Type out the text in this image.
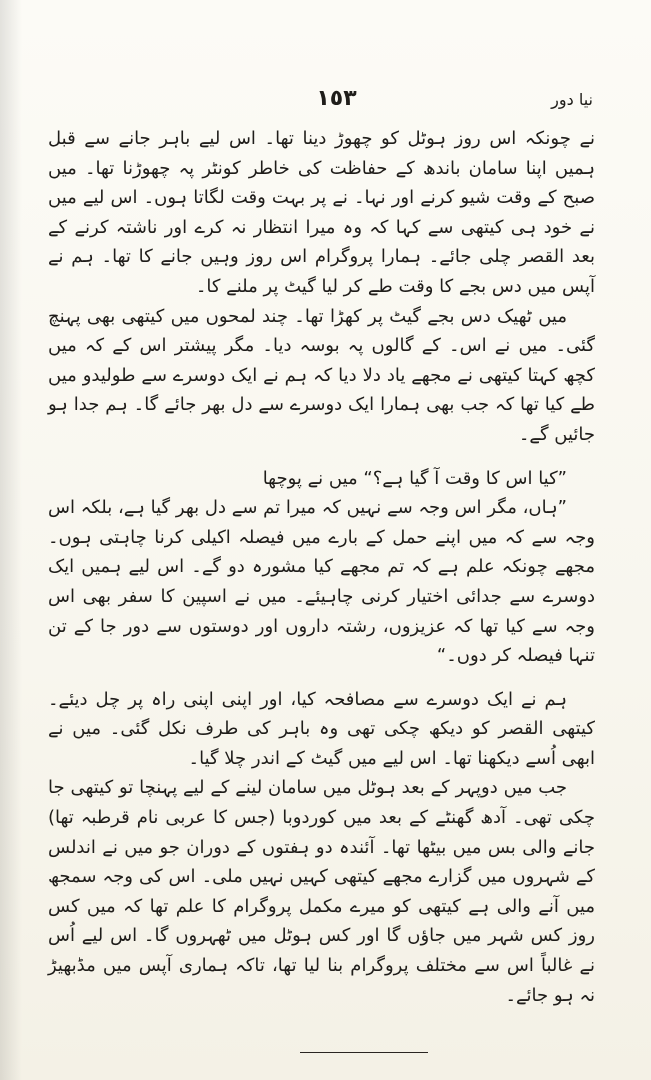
١٥٣	نیا دور

نے چونکہ اس روز ہوٹل کو چھوڑ دینا تھا۔ اس لیے باہر جانے سے قبل ہمیں اپنا سامان باندھ کے حفاظت کی خاطر کونٹر پہ چھوڑنا تھا۔ میں صبح کے وقت شیو کرنے اور نہا۔ نے پر بہت وقت لگاتا ہوں۔ اس لیے میں نے خود ہی کیتھی سے کہا کہ وہ میرا انتظار نہ کرے اور ناشتہ کرنے کے بعد القصر چلی جائے۔ ہمارا پروگرام اس روز وہیں جانے کا تھا۔ ہم نے آپس میں دس بجے کا وقت طے کر لیا گیٹ پر ملنے کا۔

میں ٹھیک دس بجے گیٹ پر کھڑا تھا۔ چند لمحوں میں کیتھی بھی پہنچ گئی۔ میں نے اس۔ کے گالوں پہ بوسہ دیا۔ مگر پیشتر اس کے کہ میں کچھ کہتا کیتھی نے مجھے یاد دلا دیا کہ ہم نے ایک دوسرے سے طولیدو میں طے کیا تھا کہ جب بھی ہمارا ایک دوسرے سے دل بھر جائے گا۔ ہم جدا ہو جائیں گے۔

”کیا اس کا وقت آ گیا ہے؟“ میں نے پوچھا

”ہاں، مگر اس وجہ سے نہیں کہ میرا تم سے دل بھر گیا ہے، بلکہ اس وجہ سے کہ میں اپنے حمل کے بارے میں فیصلہ اکیلی کرنا چاہتی ہوں۔ مجھے چونکہ علم ہے کہ تم مجھے کیا مشورہ دو گے۔ اس لیے ہمیں ایک دوسرے سے جدائی اختیار کرنی چاہیئے۔ میں نے اسپین کا سفر بھی اس وجہ سے کیا تھا کہ عزیزوں، رشتہ داروں اور دوستوں سے دور جا کے تن تنہا فیصلہ کر دوں۔“

ہم نے ایک دوسرے سے مصافحہ کیا، اور اپنی اپنی راہ پر چل دیئے۔ کیتھی القصر کو دیکھ چکی تھی وہ باہر کی طرف نکل گئی۔ میں نے ابھی اُسے دیکھنا تھا۔ اس لیے میں گیٹ کے اندر چلا گیا۔

جب میں دوپہر کے بعد ہوٹل میں سامان لینے کے لیے پہنچا تو کیتھی جا چکی تھی۔ آدھ گھنٹے کے بعد میں کوردوبا (جس کا عربی نام قرطبہ تھا) جانے والی بس میں بیٹھا تھا۔ آئندہ دو ہفتوں کے دوران جو میں نے اندلس کے شہروں میں گزارے مجھے کیتھی کہیں نہیں ملی۔ اس کی وجہ سمجھ میں آنے والی ہے کیتھی کو میرے مکمل پروگرام کا علم تھا کہ میں کس روز کس شہر میں جاؤں گا اور کس ہوٹل میں ٹھہروں گا۔ اس لیے اُس نے غالباً اس سے مختلف پروگرام بنا لیا تھا، تاکہ ہماری آپس میں مڈبھیڑ نہ ہو جائے۔
